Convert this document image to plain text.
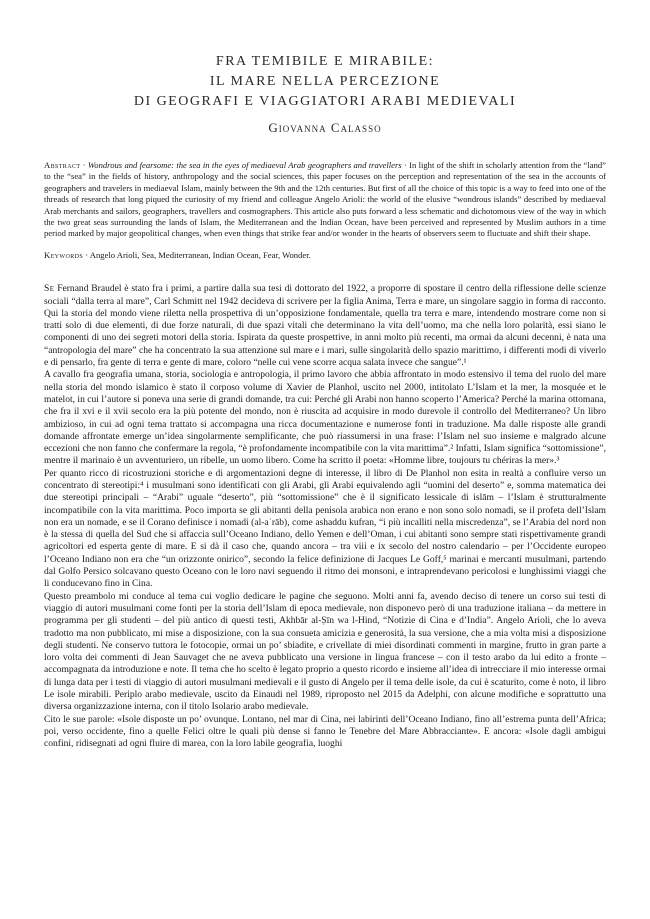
FRA TEMIBILE E MIRABILE:
IL MARE NELLA PERCEZIONE
DI GEOGRAFI E VIAGGIATORI ARABI MEDIEVALI
Giovanna Calasso
Abstract · Wondrous and fearsome: the sea in the eyes of mediaeval Arab geographers and travellers · In light of the shift in scholarly attention from the “land” to the “sea” in the fields of history, anthropology and the social sciences, this paper focuses on the perception and representation of the sea in the accounts of geographers and travelers in mediaeval Islam, mainly between the 9th and the 12th centuries. But first of all the choice of this topic is a way to feed into one of the threads of research that long piqued the curiosity of my friend and colleague Angelo Arioli: the world of the elusive “wondrous islands” described by mediaeval Arab merchants and sailors, geographers, travellers and cosmographers. This article also puts forward a less schematic and dichotomous view of the way in which the two great seas surrounding the lands of Islam, the Mediterranean and the Indian Ocean, have been perceived and represented by Muslim authors in a time period marked by major geopolitical changes, when even things that strike fear and/or wonder in the hearts of observers seem to fluctuate and shift their shape.
Keywords · Angelo Arioli, Sea, Mediterranean, Indian Ocean, Fear, Wonder.

Se Fernand Braudel è stato fra i primi, a partire dalla sua tesi di dottorato del 1922, a proporre di spostare il centro della riflessione delle scienze sociali “dalla terra al mare”, Carl Schmitt nel 1942 decideva di scrivere per la figlia Anima, Terra e mare, un singolare saggio in forma di racconto. Qui la storia del mondo viene riletta nella prospettiva di un’opposizione fondamentale, quella tra terra e mare, intendendo mostrare come non si tratti solo di due elementi, di due forze naturali, di due spazi vitali che determinano la vita dell’uomo, ma che nella loro polarità, essi siano le componenti di uno dei segreti motori della storia. Ispirata da queste prospettive, in anni molto più recenti, ma ormai da alcuni decenni, è nata una “antropologia del mare” che ha concentrato la sua attenzione sul mare e i mari, sulle singolarità dello spazio marittimo, i differenti modi di viverlo e di pensarlo, fra gente di terra e gente di mare, coloro “nelle cui vene scorre acqua salata invece che sangue”.¹

A cavallo fra geografia umana, storia, sociologia e antropologia, il primo lavoro che abbia affrontato in modo estensivo il tema del ruolo del mare nella storia del mondo islamico è stato il corposo volume di Xavier de Planhol, uscito nel 2000, intitolato L’Islam et la mer, la mosquée et le matelot, in cui l’autore si poneva una serie di grandi domande, tra cui: Perché gli Arabi non hanno scoperto l’America? Perché la marina ottomana, che fra il xvi e il xvii secolo era la più potente del mondo, non è riuscita ad acquisire in modo durevole il controllo del Mediterraneo? Un libro ambizioso, in cui ad ogni tema trattato si accompagna una ricca documentazione e numerose fonti in traduzione. Ma dalle risposte alle grandi domande affrontate emerge un’idea singolarmente semplificante, che può riassumersi in una frase: l’Islam nel suo insieme e malgrado alcune eccezioni che non fanno che confermare la regola, “è profondamente incompatibile con la vita marittima”.² Infatti, Islam significa “sottomissione”, mentre il marinaio è un avventuriero, un ribelle, un uomo libero. Come ha scritto il poeta: «Homme libre, toujours tu chériras la mer».³

Per quanto ricco di ricostruzioni storiche e di argomentazioni degne di interesse, il libro di De Planhol non esita in realtà a confluire verso un concentrato di stereotipi:⁴ i musulmani sono identificati con gli Arabi, gli Arabi equivalendo agli “uomini del deserto” e, somma matematica dei due stereotipi principali – “Arabi” uguale “deserto”, più “sottomissione” che è il significato lessicale di islām – l’Islam è strutturalmente incompatibile con la vita marittima. Poco importa se gli abitanti della penisola arabica non erano e non sono solo nomadi, se il profeta dell’Islam non era un nomade, e se il Corano definisce i nomadi (al-aʿrāb), come ashaddu kufran, “i più incalliti nella miscredenza”, se l’Arabia del nord non è la stessa di quella del Sud che si affaccia sull’Oceano Indiano, dello Yemen e dell’Oman, i cui abitanti sono sempre stati rispettivamente grandi agricoltori ed esperta gente di mare. E si dà il caso che, quando ancora – tra viii e ix secolo del nostro calendario – per l’Occidente europeo l’Oceano Indiano non era che “un orizzonte onirico”, secondo la felice definizione di Jacques Le Goff,⁵ marinai e mercanti musulmani, partendo dal Golfo Persico solcavano questo Oceano con le loro navi seguendo il ritmo dei monsoni, e intraprendevano pericolosi e lunghissimi viaggi che li conducevano fino in Cina.

Questo preambolo mi conduce al tema cui voglio dedicare le pagine che seguono. Molti anni fa, avendo deciso di tenere un corso sui testi di viaggio di autori musulmani come fonti per la storia dell’Islam di epoca medievale, non disponevo però di una traduzione italiana – da mettere in programma per gli studenti – del più antico di questi testi, Akhbār al-Ṣīn wa l-Hind, “Notizie di Cina e d’India”. Angelo Arioli, che lo aveva tradotto ma non pubblicato, mi mise a disposizione, con la sua consueta amicizia e generosità, la sua versione, che a mia volta misi a disposizione degli studenti. Ne conservo tuttora le fotocopie, ormai un po’ sbiadite, e crivellate di miei disordinati commenti in margine, frutto in gran parte a loro volta dei commenti di Jean Sauvaget che ne aveva pubblicato una versione in lingua francese – con il testo arabo da lui edito a fronte – accompagnata da introduzione e note. Il tema che ho scelto è legato proprio a questo ricordo e insieme all’idea di intrecciare il mio interesse ormai di lunga data per i testi di viaggio di autori musulmani medievali e il gusto di Angelo per il tema delle isole, da cui è scaturito, come è noto, il libro Le isole mirabili. Periplo arabo medievale, uscito da Einaudi nel 1989, riproposto nel 2015 da Adelphi, con alcune modifiche e soprattutto una diversa organizzazione interna, con il titolo Isolario arabo medievale.

Cito le sue parole: «Isole disposte un po’ ovunque. Lontano, nel mar di Cina, nei labirinti dell’Oceano Indiano, fino all’estrema punta dell’Africa; poi, verso occidente, fino a quelle Felici oltre le quali più dense si fanno le Tenebre del Mare Abbracciante». E ancora: «Isole dagli ambigui confini, ridisegnati ad ogni fluire di marea, con la loro labile geografia, luoghi
